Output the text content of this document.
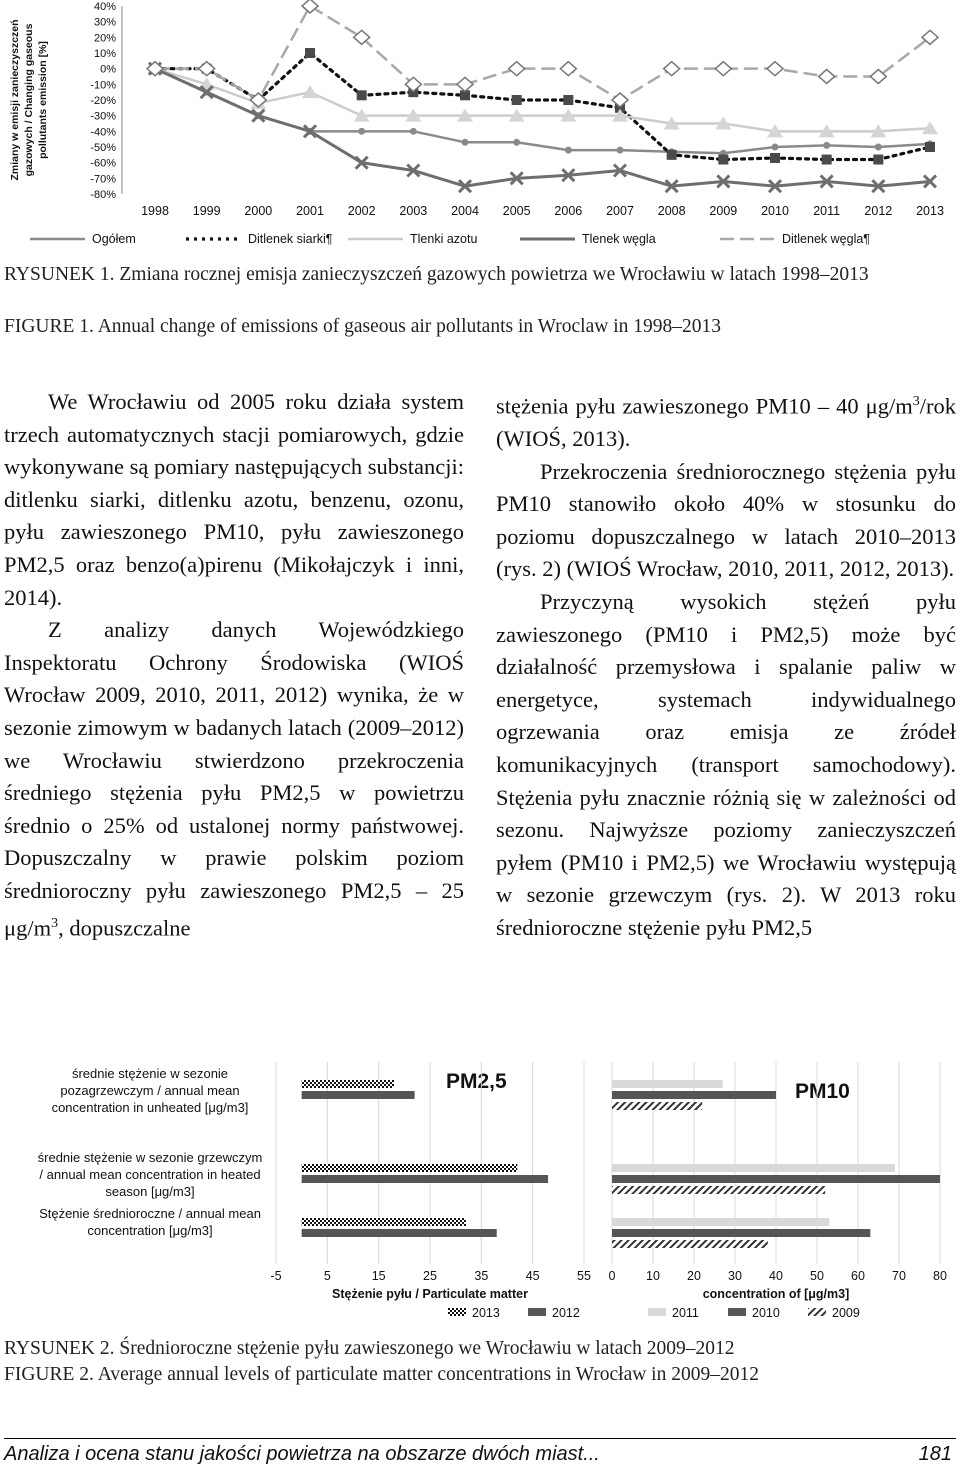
Zmiany w emisji zanieczyszczeń gazowych / Changing gaseous pollutants emission [%]
40%
30%
20%
10%
0%
-10%
-20%
-30%
-40%
-50%
-60%
-70%
-80%
1998 1999 2000 2001 2002 2003 2004 2005 2006 2007 2008 2009 2010 2011 2012 2013
Ogółem	Ditlenek siarki¶	Tlenki azotu	Tlenek węgla	Ditlenek węgla¶
RYSUNEK 1. Zmiana rocznej emisja zanieczyszczeń gazowych powietrza we Wrocławiu w latach 1998–2013
FIGURE 1. Annual change of emissions of gaseous air pollutants in Wroclaw in 1998–2013

We Wrocławiu od 2005 roku działa system trzech automatycznych stacji pomiarowych, gdzie wykonywane są pomiary następujących substancji: ditlenku siarki, ditlenku azotu, benzenu, ozonu, pyłu zawieszonego PM10, pyłu zawieszonego PM2,5 oraz benzo(a)pirenu (Mikołajczyk i inni, 2014).

Z analizy danych Wojewódzkiego Inspektoratu Ochrony Środowiska (WIOŚ Wrocław 2009, 2010, 2011, 2012) wynika, że w sezonie zimowym w badanych latach (2009–2012) we Wrocławiu stwierdzono przekroczenia średniego stężenia pyłu PM2,5 w powietrzu średnio o 25% od ustalonej normy państwowej. Dopuszczalny w prawie polskim poziom średnioroczny pyłu zawieszonego PM2,5 – 25 $\mu g/m^3$, dopuszczalne

stężenia pyłu zawieszonego PM10 – 40 $\mu g/m^3$/rok (WIOŚ, 2013).

Przekroczenia średniorocznego stężenia pyłu PM10 stanowiło około 40% w stosunku do poziomu dopuszczalnego w latach 2010–2013 (rys. 2) (WIOŚ Wrocław, 2010, 2011, 2012, 2013).

Przyczyną wysokich stężeń pyłu zawieszonego (PM10 i PM2,5) może być działalność przemysłowa i spalanie paliw w energetyce, systemach indywidualnego ogrzewania oraz emisja ze źródeł komunikacyjnych (transport samochodowy). Stężenia pyłu znacznie różnią się w zależności od sezonu. Najwyższe poziomy zanieczyszczeń pyłem (PM10 i PM2,5) we Wrocławiu występują w sezonie grzewczym (rys. 2). W 2013 roku średnioroczne stężenie pyłu PM2,5

średnie stężenie w sezonie
pozagrzewczym / annual mean
concentration in unheated [μg/m3]
średnie stężenie w sezonie grzewczym
/ annual mean concentration in heated
season [μg/m3]
Stężenie średnioroczne / annual mean
concentration [μg/m3]
PM2,5
-5	5	15	25	35	45	55
Stężenie pyłu / Particulate matter
2013	2012
PM10
0 10 20 30 40 50 60 70 80
concentration of [μg/m3]
2011	2010	2009
RYSUNEK 2. Średnioroczne stężenie pyłu zawieszonego we Wrocławiu w latach 2009–2012
FIGURE 2. Average annual levels of particulate matter concentrations in Wrocław in 2009–2012
Analiza i ocena stanu jakości powietrza na obszarze dwóch miast...	181
